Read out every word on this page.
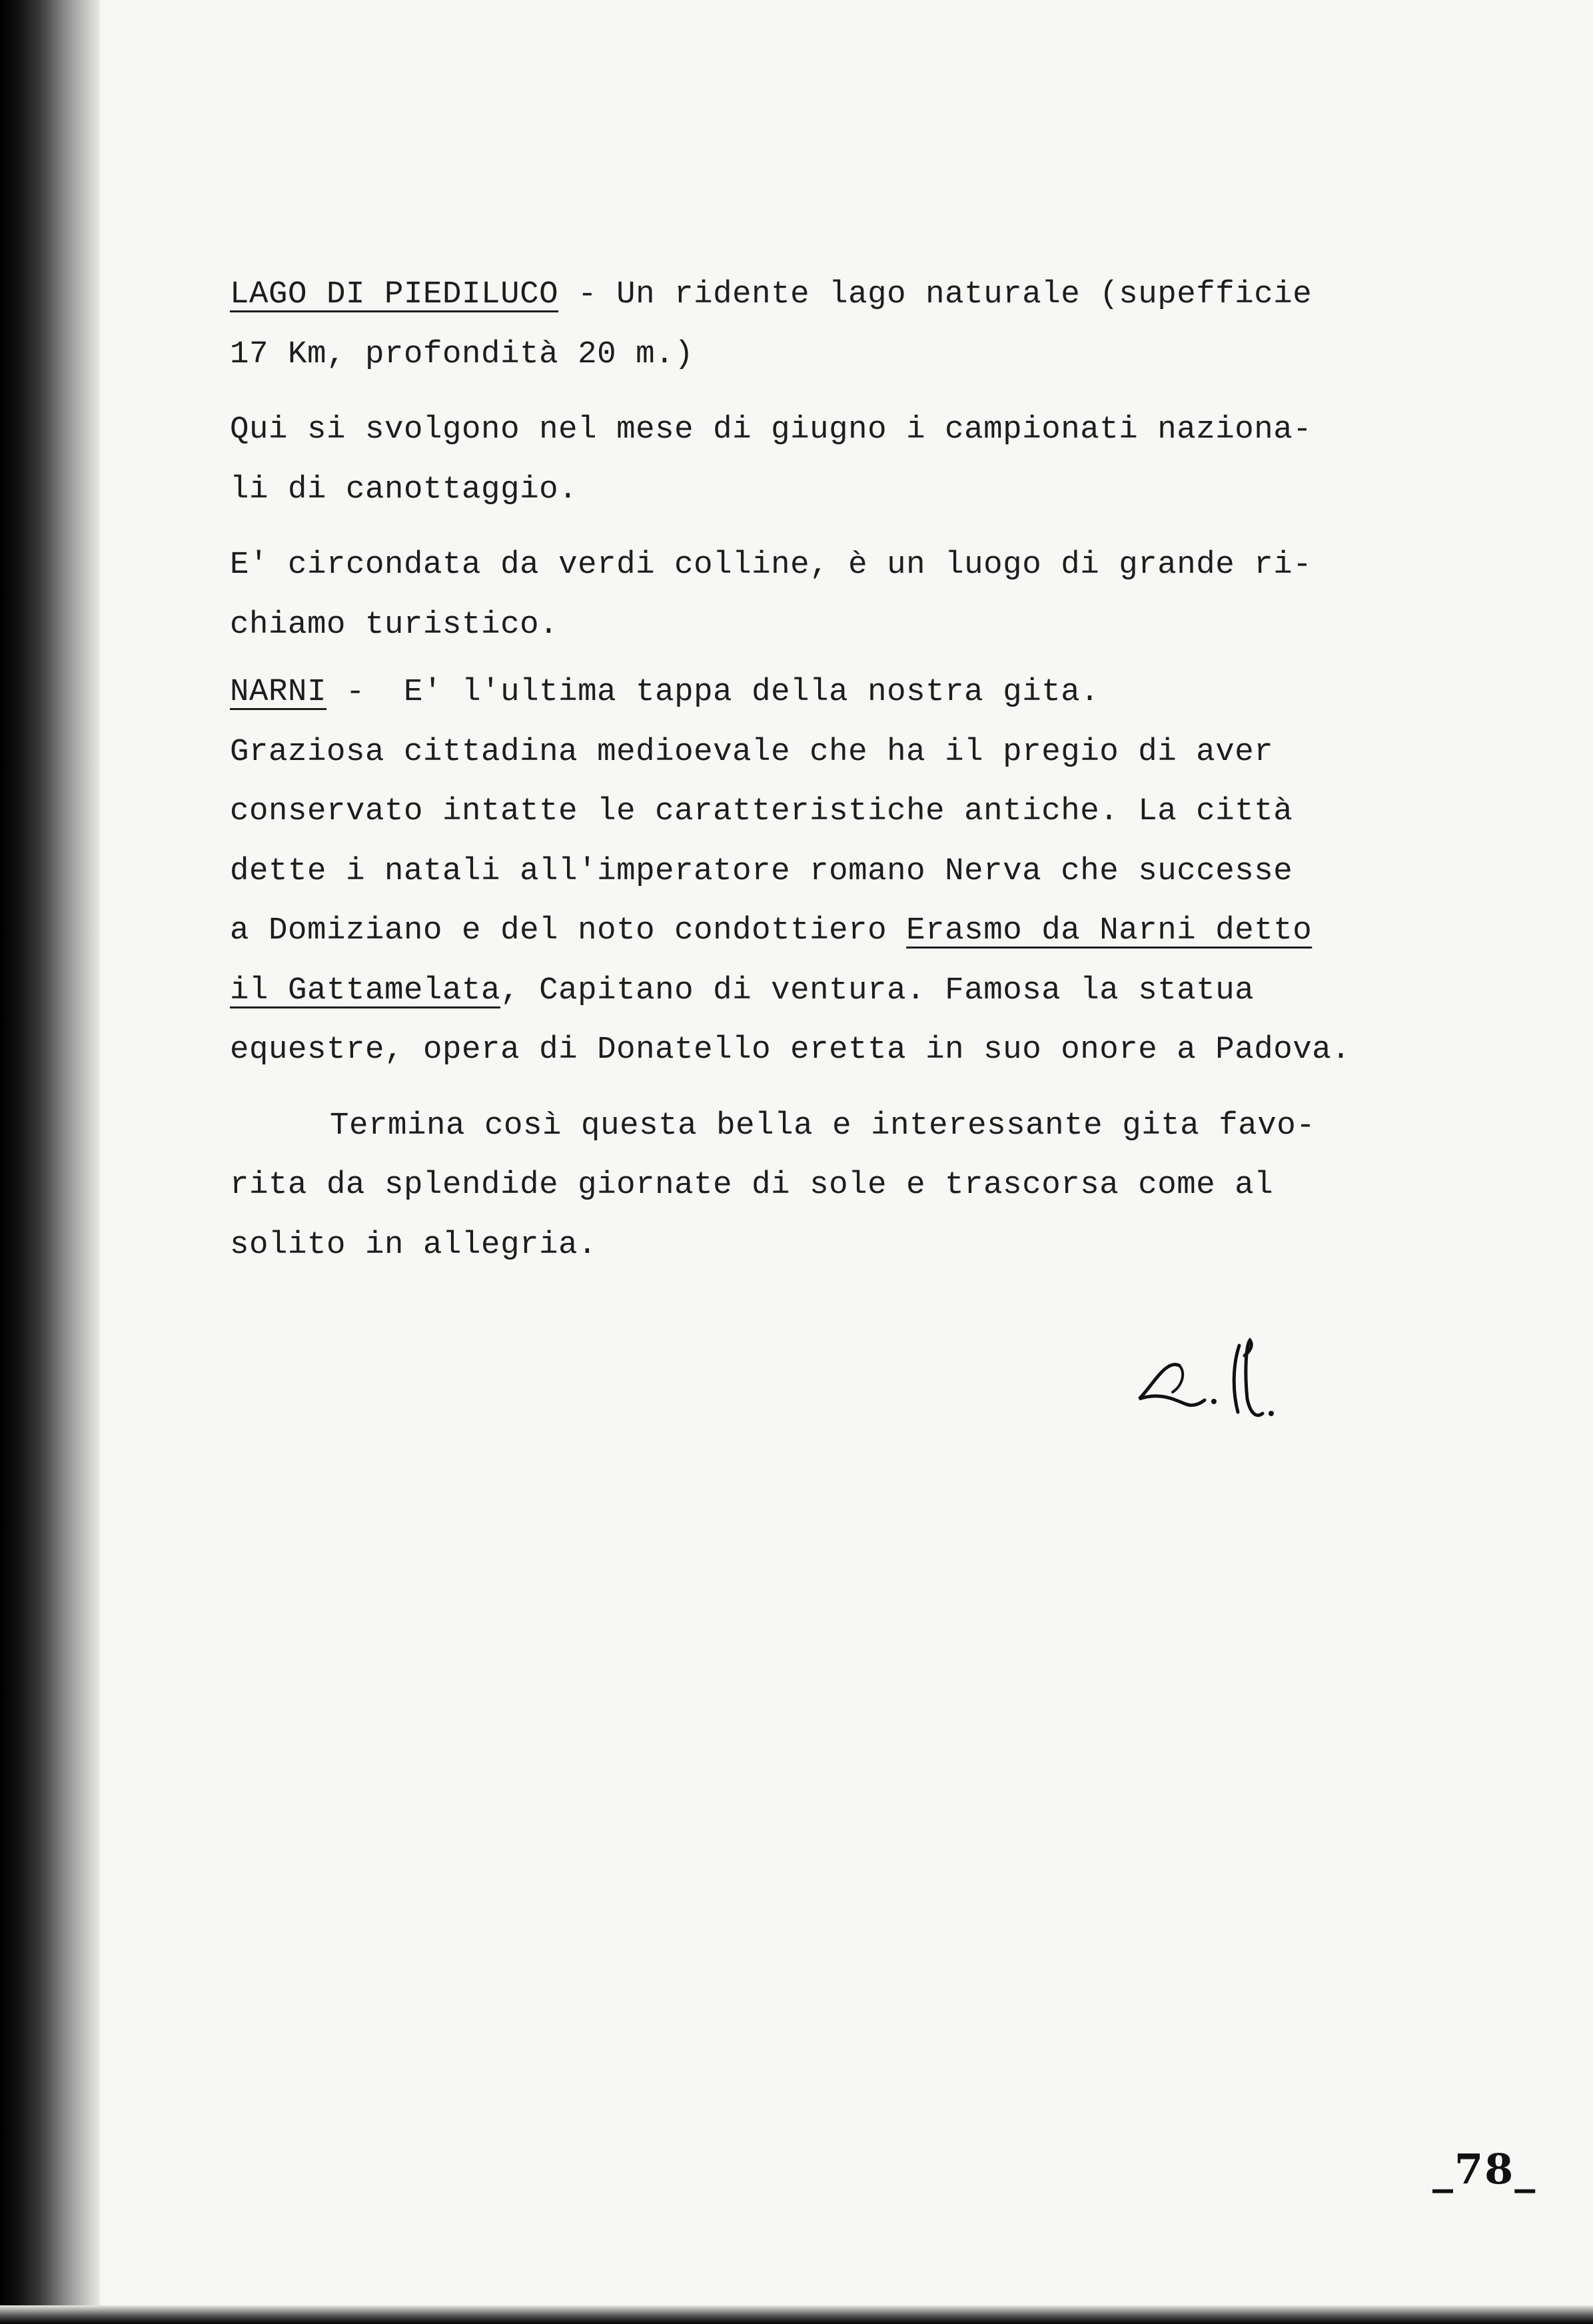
LAGO DI PIEDILUCO - Un ridente lago naturale (supefficie
17 Km, profondità 20 m.)
Qui si svolgono nel mese di giugno i campionati naziona-
li di canottaggio.
E' circondata da verdi colline, è un luogo di grande ri-
chiamo turistico.
NARNI -  E' l'ultima tappa della nostra gita.
Graziosa cittadina medioevale che ha il pregio di aver
conservato intatte le caratteristiche antiche. La città
dette i natali all'imperatore romano Nerva che successe
a Domiziano e del noto condottiero Erasmo da Narni detto
il Gattamelata, Capitano di ventura. Famosa la statua
equestre, opera di Donatello eretta in suo onore a Padova.
Termina così questa bella e interessante gita favo-
rita da splendide giornate di sole e trascorsa come al
solito in allegria.
_78_
